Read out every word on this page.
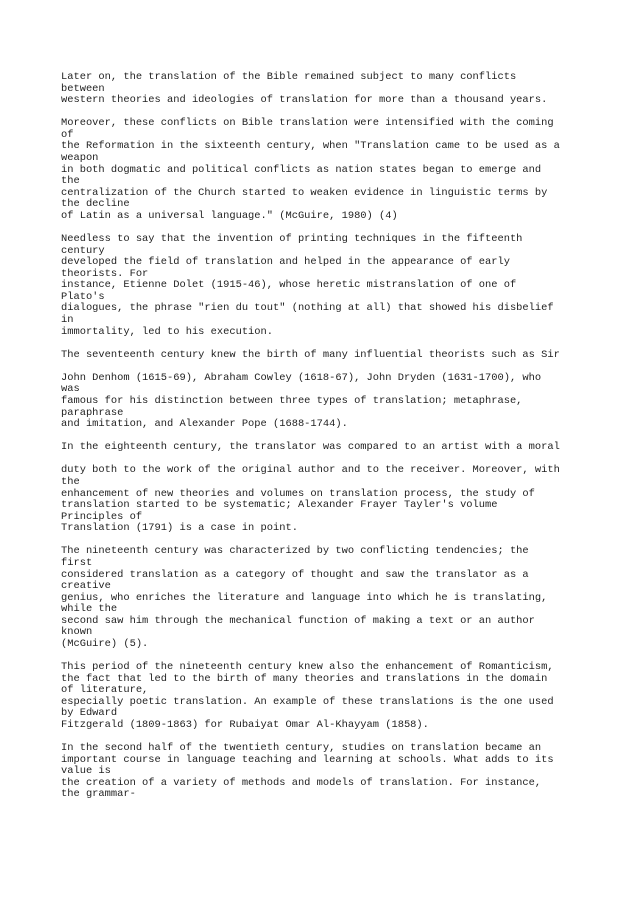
Later on, the translation of the Bible remained subject to many conflicts
between
western theories and ideologies of translation for more than a thousand years.
Moreover, these conflicts on Bible translation were intensified with the coming
of
the Reformation in the sixteenth century, when "Translation came to be used as a
weapon
in both dogmatic and political conflicts as nation states began to emerge and
the
centralization of the Church started to weaken evidence in linguistic terms by
the decline
of Latin as a universal language." (McGuire, 1980) (4)
Needless to say that the invention of printing techniques in the fifteenth
century
developed the field of translation and helped in the appearance of early
theorists. For
instance, Etienne Dolet (1915-46), whose heretic mistranslation of one of
Plato's
dialogues, the phrase "rien du tout" (nothing at all) that showed his disbelief
in
immortality, led to his execution.
The seventeenth century knew the birth of many influential theorists such as Sir
John Denhom (1615-69), Abraham Cowley (1618-67), John Dryden (1631-1700), who
was
famous for his distinction between three types of translation; metaphrase,
paraphrase
and imitation, and Alexander Pope (1688-1744).
In the eighteenth century, the translator was compared to an artist with a moral
duty both to the work of the original author and to the receiver. Moreover, with
the
enhancement of new theories and volumes on translation process, the study of
translation started to be systematic; Alexander Frayer Tayler's volume
Principles of
Translation (1791) is a case in point.
The nineteenth century was characterized by two conflicting tendencies; the
first
considered translation as a category of thought and saw the translator as a
creative
genius, who enriches the literature and language into which he is translating,
while the
second saw him through the mechanical function of making a text or an author
known
(McGuire) (5).
This period of the nineteenth century knew also the enhancement of Romanticism,
the fact that led to the birth of many theories and translations in the domain
of literature,
especially poetic translation. An example of these translations is the one used
by Edward
Fitzgerald (1809-1863) for Rubaiyat Omar Al-Khayyam (1858).
In the second half of the twentieth century, studies on translation became an
important course in language teaching and learning at schools. What adds to its
value is
the creation of a variety of methods and models of translation. For instance,
the grammar-
